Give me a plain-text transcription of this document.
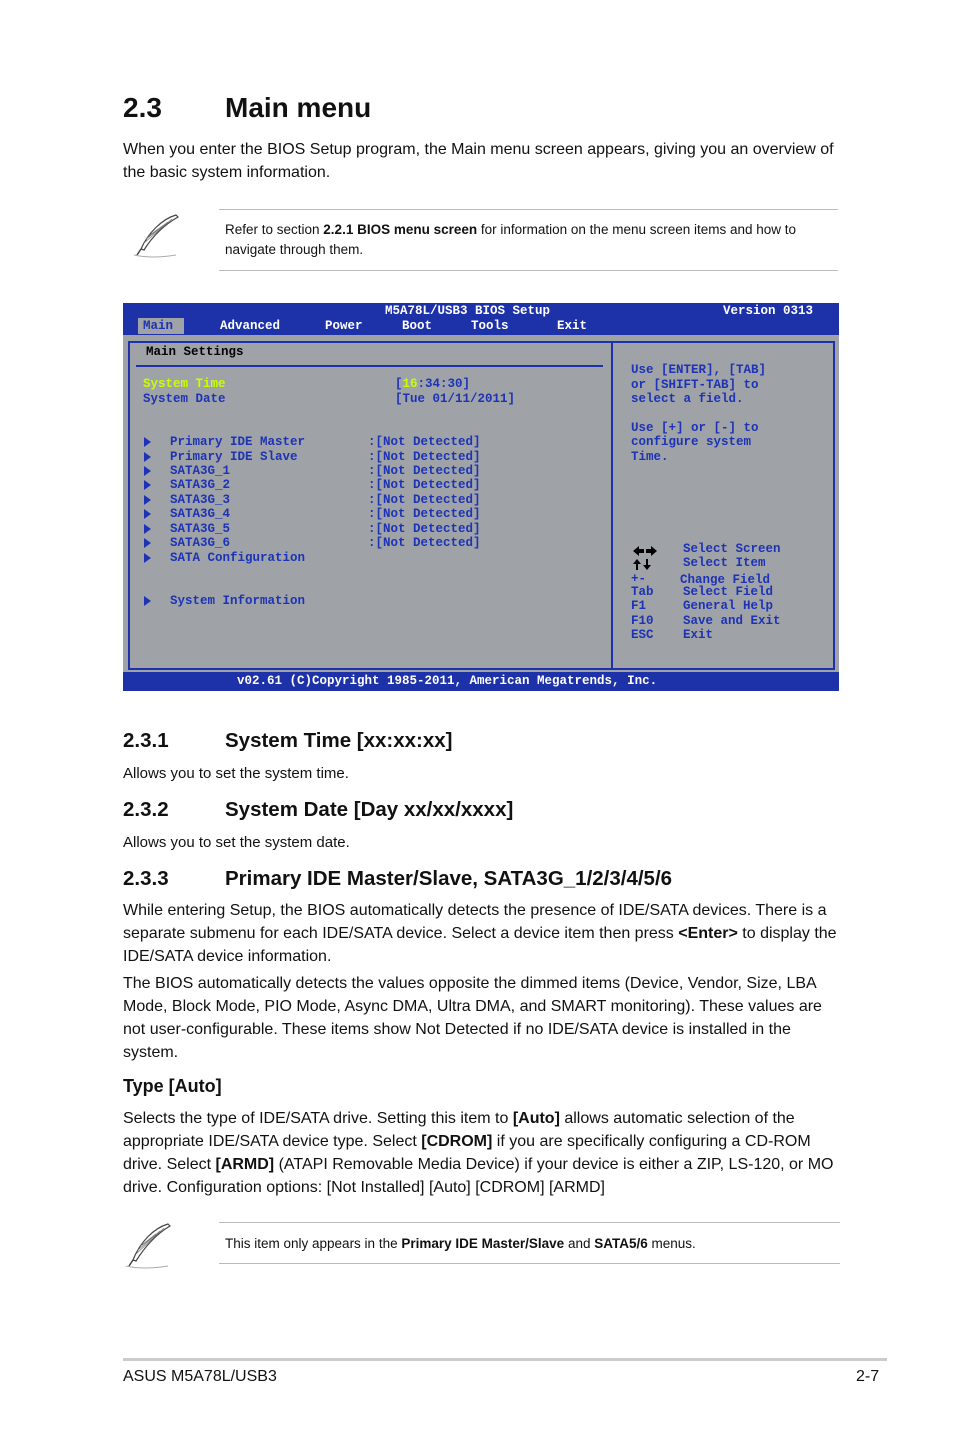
2.3 Main menu

When you enter the BIOS Setup program, the Main menu screen appears, giving you an overview of the basic system information.

Refer to section 2.2.1 BIOS menu screen for information on the menu screen items and how to navigate through them.

M5A78L/USB3 BIOS Setup	Version 0313
Main	Advanced	Power	Boot	Tools	Exit
Main Settings
System Time	[16:34:30]
System Date	[Tue 01/11/2011]
Primary IDE Master	:[Not Detected]
Primary IDE Slave	:[Not Detected]
SATA3G_1	:[Not Detected]
SATA3G_2	:[Not Detected]
SATA3G_3	:[Not Detected]
SATA3G_4	:[Not Detected]
SATA3G_5	:[Not Detected]
SATA3G_6	:[Not Detected]
SATA Configuration
System Information
Use [ENTER], [TAB]
or [SHIFT-TAB] to
select a field.
Use [+] or [-] to
configure system
Time.
Select Screen
Select Item
+-	Change Field
Tab Select Field
F1	General Help
F10 Save and Exit
ESC Exit
v02.61 (C)Copyright 1985-2011, American Megatrends, Inc.
2.3.1	System Time [xx:xx:xx]

Allows you to set the system time.

2.3.2	System Date [Day xx/xx/xxxx]

Allows you to set the system date.

2.3.3	Primary IDE Master/Slave, SATA3G_1/2/3/4/5/6

While entering Setup, the BIOS automatically detects the presence of IDE/SATA devices. There is a separate submenu for each IDE/SATA device. Select a device item then press <Enter> to display the IDE/SATA device information.

The BIOS automatically detects the values opposite the dimmed items (Device, Vendor, Size, LBA Mode, Block Mode, PIO Mode, Async DMA, Ultra DMA, and SMART monitoring). These values are not user-configurable. These items show Not Detected if no IDE/SATA device is installed in the system.

Type [Auto]

Selects the type of IDE/SATA drive. Setting this item to [Auto] allows automatic selection of the appropriate IDE/SATA device type. Select [CDROM] if you are specifically configuring a CD-ROM drive. Select [ARMD] (ATAPI Removable Media Device) if your device is either a ZIP, LS-120, or MO drive. Configuration options: [Not Installed] [Auto] [CDROM] [ARMD]

This item only appears in the Primary IDE Master/Slave and SATA5/6 menus.

ASUS M5A78L/USB3	2-7
